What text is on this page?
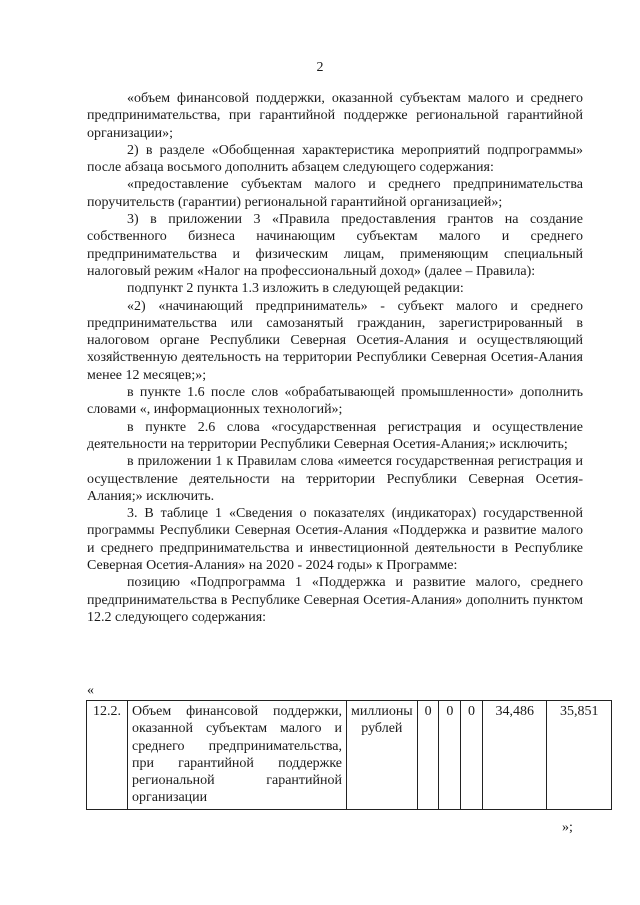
2

«объем финансовой поддержки, оказанной субъектам малого и среднего предпринимательства, при гарантийной поддержке региональной гарантийной организации»;

2) в разделе «Обобщенная характеристика мероприятий подпрограммы» после абзаца восьмого дополнить абзацем следующего содержания:

«предоставление субъектам малого и среднего предпринимательства поручительств (гарантии) региональной гарантийной организацией»;

3) в приложении 3 «Правила предоставления грантов на создание собственного бизнеса начинающим субъектам малого и среднего предпринимательства и физическим лицам, применяющим специальный налоговый режим «Налог на профессиональный доход» (далее – Правила):

подпункт 2 пункта 1.3 изложить в следующей редакции:

«2) «начинающий предприниматель» - субъект малого и среднего предпринимательства или самозанятый гражданин, зарегистрированный в налоговом органе Республики Северная Осетия-Алания и осуществляющий хозяйственную деятельность на территории Республики Северная Осетия-Алания менее 12 месяцев;»;

в пункте 1.6 после слов «обрабатывающей промышленности» дополнить словами «, информационных технологий»;

в пункте 2.6 слова «государственная регистрация и осуществление деятельности на территории Республики Северная Осетия-Алания;» исключить;

в приложении 1 к Правилам слова «имеется государственная регистрация и осуществление деятельности на территории Республики Северная Осетия-Алания;» исключить.

3. В таблице 1 «Сведения о показателях (индикаторах) государственной программы Республики Северная Осетия-Алания «Поддержка и развитие малого и среднего предпринимательства и инвестиционной деятельности в Республике Северная Осетия-Алания» на 2020 - 2024 годы» к Программе:

позицию «Подпрограмма 1 «Поддержка и развитие малого, среднего предпринимательства в Республике Северная Осетия-Алания» дополнить пунктом 12.2 следующего содержания:

«
12.2.	Объем финансовой поддержки, оказанной субъектам малого и среднего предпринимательства, при гарантийной поддержке региональной гарантийной организации	миллионы рублей	0	0	0	34,486	35,851
»;
